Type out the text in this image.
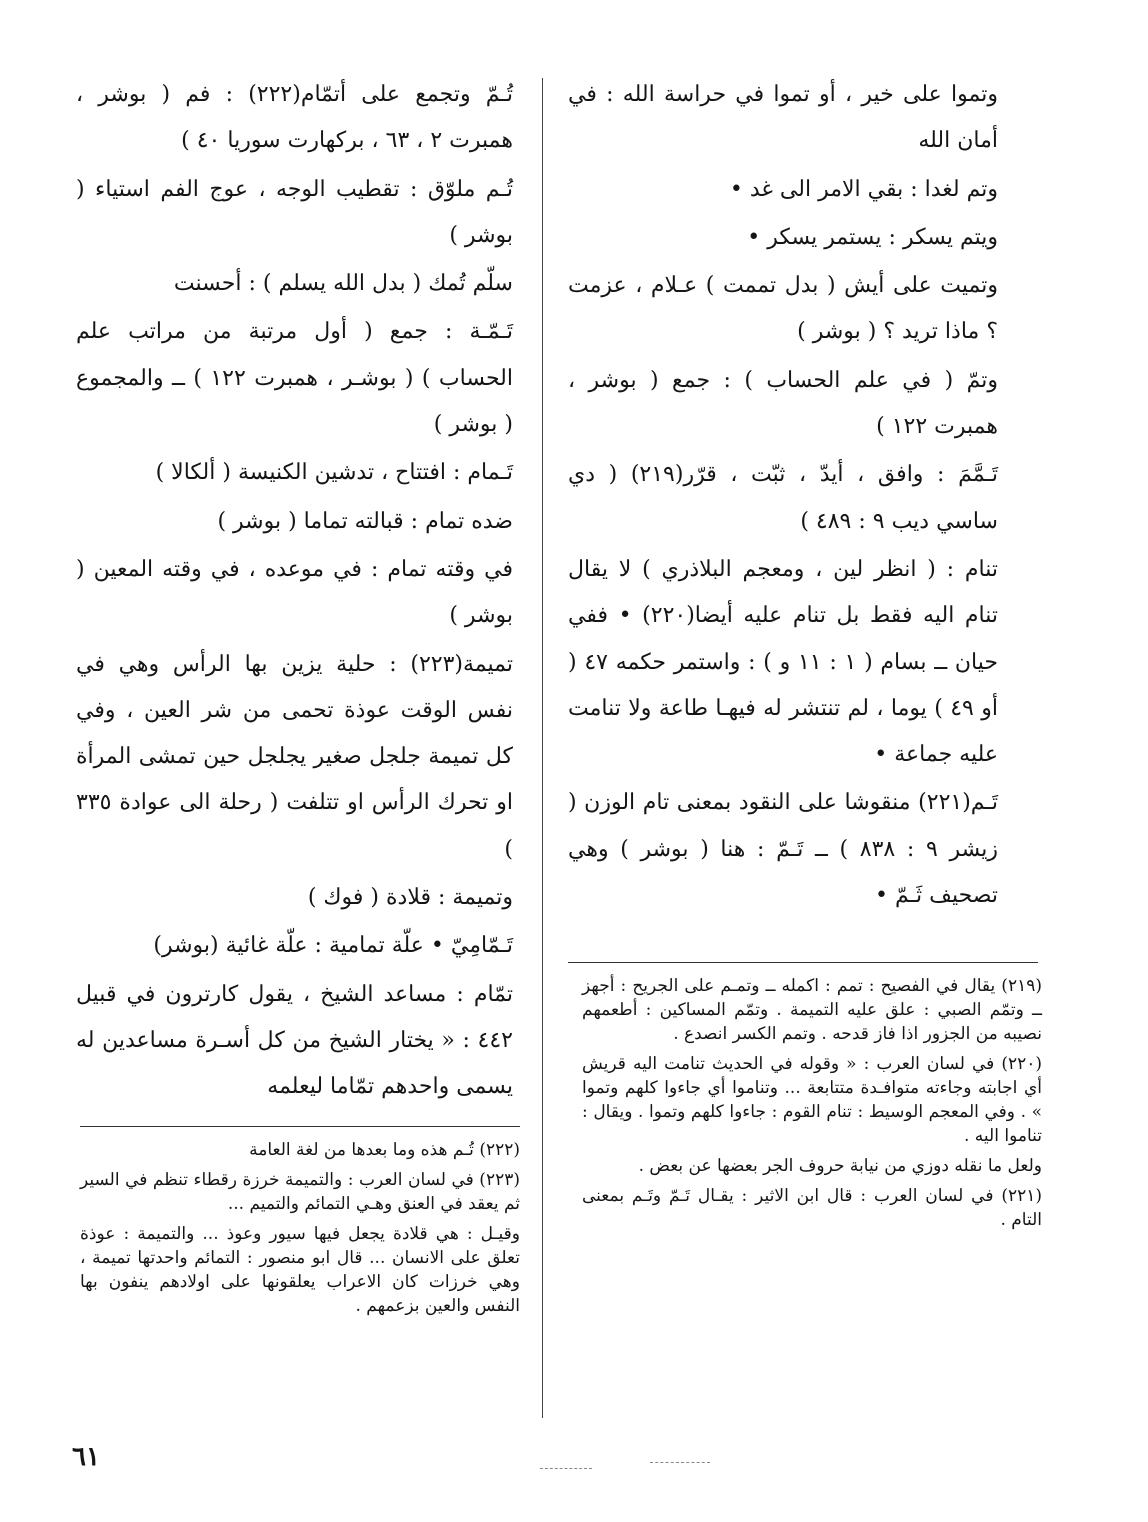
وتموا على خير ، أو تموا في حراسة الله : في أمان الله

وتم لغدا : بقي الامر الى غد •

ويتم يسكر : يستمر يسكر •

وتميت على أيش ( بدل تممت ) عـلام ، عزمت ؟ ماذا تريد ؟ ( بوشر )

وتمّ ( في علم الحساب ) : جمع ( بوشر ، همبرت ١٢٢ )

تَـمَّمَ : وافق ، أيدّ ، ثبّت ، قرّر(٢١٩) ( دي ساسي ديب ٩ : ٤٨٩ )

تنام : ( انظر لين ، ومعجم البلاذري ) لا يقال تنام اليه فقط بل تنام عليه أيضا(٢٢٠) • ففي حيان ــ بسام ( ١ : ١١ و ) : واستمر حكمه ٤٧ ( أو ٤٩ ) يوما ، لم تنتشر له فيهـا طاعة ولا تنامت عليه جماعة •

تَـم(٢٢١) منقوشا على النقود بمعنى تام الوزن ( زيشر ٩ : ٨٣٨ ) ــ تَـمّ : هنا ( بوشر ) وهي تصحيف ثَـمّ •

تُـمّ وتجمع على أتمّام(٢٢٢) : فم ( بوشر ، همبرت ٢ ، ٦٣ ، بركهارت سوريا ٤٠ )

تُـم ملوّق : تقطيب الوجه ، عوج الفم استياء ( بوشر )

سلّم تُمك ( بدل الله يسلم ) : أحسنت

تَـمّـة : جمع ( أول مرتبة من مراتب علم الحساب ) ( بوشـر ، همبرت ١٢٢ ) ــ والمجموع ( بوشر )

تَـمام : افتتاح ، تدشين الكنيسة ( ألكالا )

ضده تمام : قبالته تماما ( بوشر )

في وقته تمام : في موعده ، في وقته المعين ( بوشر )

تميمة(٢٢٣) : حلية يزين بها الرأس وهي في نفس الوقت عوذة تحمى من شر العين ، وفي كل تميمة جلجل صغير يجلجل حين تمشى المرأة او تحرك الرأس او تتلفت ( رحلة الى عوادة ٣٣٥ )

وتميمة : قلادة ( فوك )

تَـمّامِيّ • علّة تمامية : علّة غائية (بوشر)

تمّام : مساعد الشيخ ، يقول كارترون في قبيل ٤٤٢ : « يختار الشيخ من كل أسـرة مساعدين له يسمى واحدهم تمّاما ليعلمه

(٢١٩) يقال في الفصيح : تمم : اكمله ــ وتمـم على الجريح : أجهز ــ وتمّم الصبي : علق عليه التميمة . وتمّم المساكين : أطعمهم نصيبه من الجزور اذا فاز قدحه . وتمم الكسر انصدع .

(٢٢٠) في لسان العرب : « وقوله في الحديث تنامت اليه قريش أي اجابته وجاءته متوافـدة متتابعة ... وتناموا أي جاءوا كلهم وتموا » . وفي المعجم الوسيط : تنام القوم : جاءوا كلهم وتموا . ويقال : تناموا اليه .

ولعل ما نقله دوزي من نيابة حروف الجر بعضها عن بعض .

(٢٢١) في لسان العرب : قال ابن الاثير : يقـال تَـمّ وتَـم بمعنى التام .

(٢٢٢) تُـم هذه وما بعدها من لغة العامة

(٢٢٣) في لسان العرب : والتميمة خرزة رقطاء تنظم في السير ثم يعقد في العنق وهـي التمائم والتميم ...

وقيـل : هي قلادة يجعل فيها سيور وعوذ ... والتميمة : عوذة تعلق على الانسان ... قال ابو منصور : التمائم واحدتها تميمة ، وهي خرزات كان الاعراب يعلقونها على اولادهم ينفون بها النفس والعين بزعمهم .

٦١
